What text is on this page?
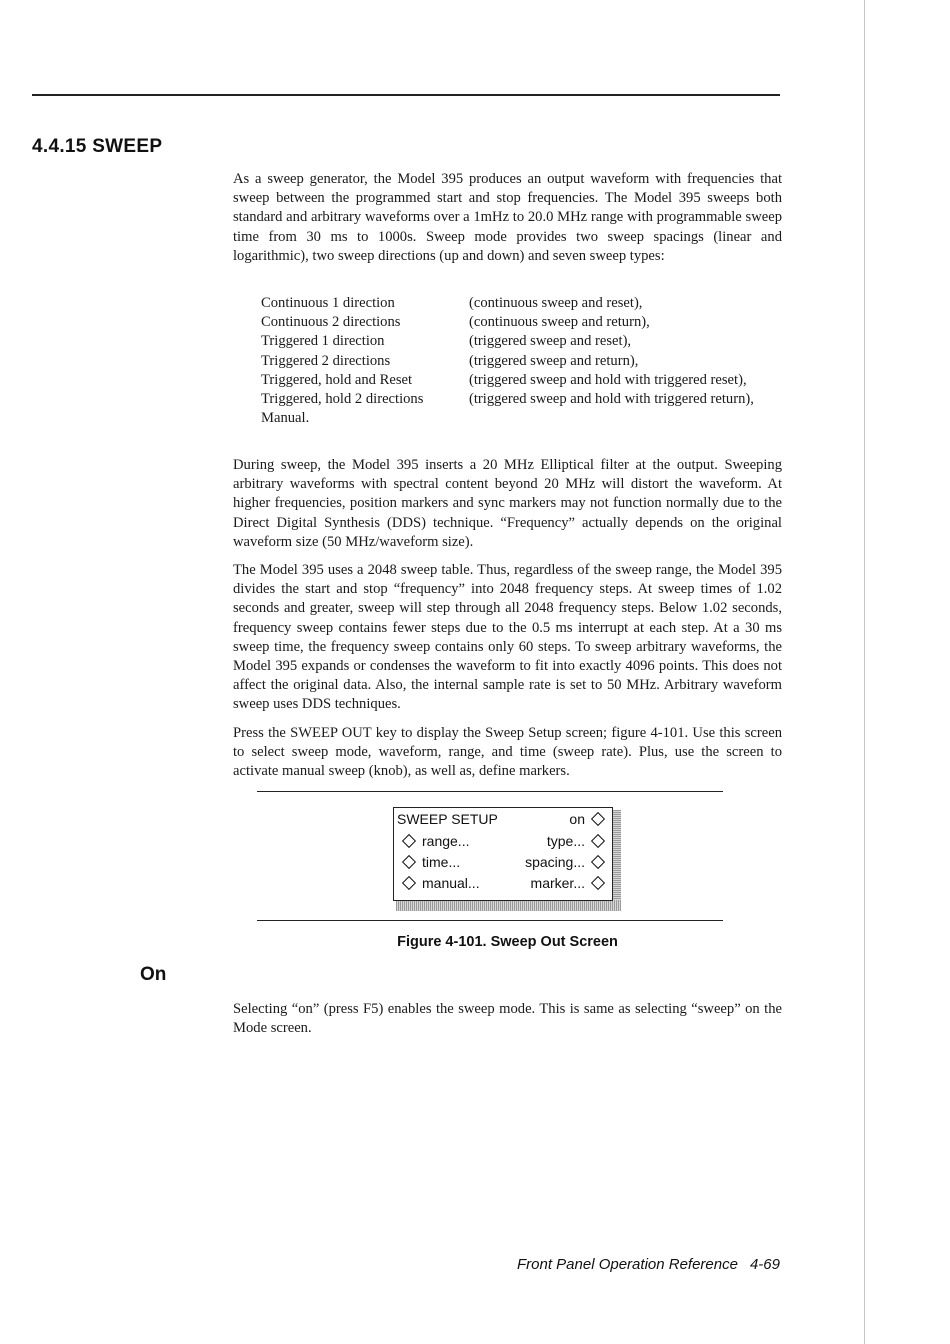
4.4.15 SWEEP

As a sweep generator, the Model 395 produces an output waveform with frequencies that sweep between the programmed start and stop frequencies. The Model 395 sweeps both standard and arbitrary waveforms over a 1mHz to 20.0 MHz range with programmable sweep time from 30 ms to 1000s. Sweep mode provides two sweep spacings (linear and logarithmic), two sweep directions (up and down) and seven sweep types:

Continuous 1 direction	(continuous sweep and reset),
Continuous 2 directions	(continuous sweep and return),
Triggered 1 direction	(triggered sweep and reset),
Triggered 2 directions	(triggered sweep and return),
Triggered, hold and Reset	(triggered sweep and hold with triggered reset),
Triggered, hold 2 directions	(triggered sweep and hold with triggered return),
Manual.

During sweep, the Model 395 inserts a 20 MHz Elliptical filter at the output. Sweeping arbitrary waveforms with spectral content beyond 20 MHz will distort the waveform. At higher frequencies, position markers and sync markers may not function normally due to the Direct Digital Synthesis (DDS) technique. “Frequency” actually depends on the original waveform size (50 MHz/waveform size).

The Model 395 uses a 2048 sweep table. Thus, regardless of the sweep range, the Model 395 divides the start and stop “frequency” into 2048 frequency steps. At sweep times of 1.02 seconds and greater, sweep will step through all 2048 frequency steps. Below 1.02 seconds, frequency sweep contains fewer steps due to the 0.5 ms interrupt at each step. At a 30 ms sweep time, the frequency sweep contains only 60 steps. To sweep arbitrary waveforms, the Model 395 expands or condenses the waveform to fit into exactly 4096 points. This does not affect the original data. Also, the internal sample rate is set to 50 MHz. Arbitrary waveform sweep uses DDS techniques.

Press the SWEEP OUT key to display the Sweep Setup screen; figure 4-101. Use this screen to select sweep mode, waveform, range, and time (sweep rate). Plus, use the screen to activate manual sweep (knob), as well as, define markers.

SWEEP SETUP	on
range...	type...
time...	spacing...
manual...	marker...

Figure 4-101. Sweep Out Screen

On

Selecting “on” (press F5) enables the sweep mode. This is same as selecting “sweep” on the Mode screen.

Front Panel Operation Reference 4-69
